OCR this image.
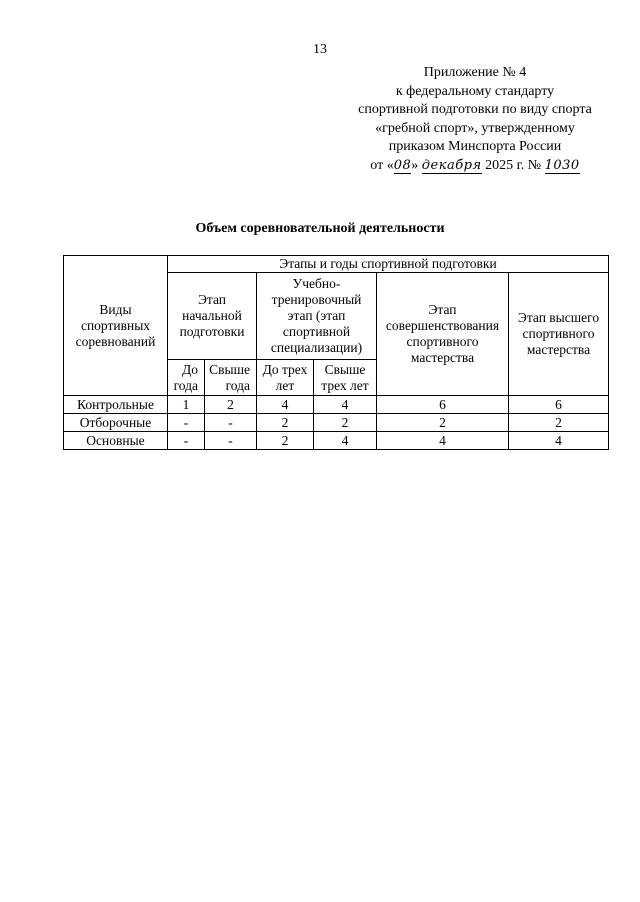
13
Приложение № 4
к федеральному стандарту
спортивной подготовки по виду спорта
«гребной спорт», утвержденному
приказом Минспорта России
от «08» декабря 2025 г. № 1030
Объем соревновательной деятельности
Виды спортивных соревнований	Этапы и годы спортивной подготовки					
	Этап начальной подготовки		Учебно-тренировочный этап (этап спортивной специализации)		Этап совершенствования спортивного мастерства	Этап высшего спортивного мастерства
	До года	Свыше года	До трех лет	Свыше трех лет		
Контрольные	1	2	4	4	6	6
Отборочные	-	-	2	2	2	2
Основные	-	-	2	4	4	4
